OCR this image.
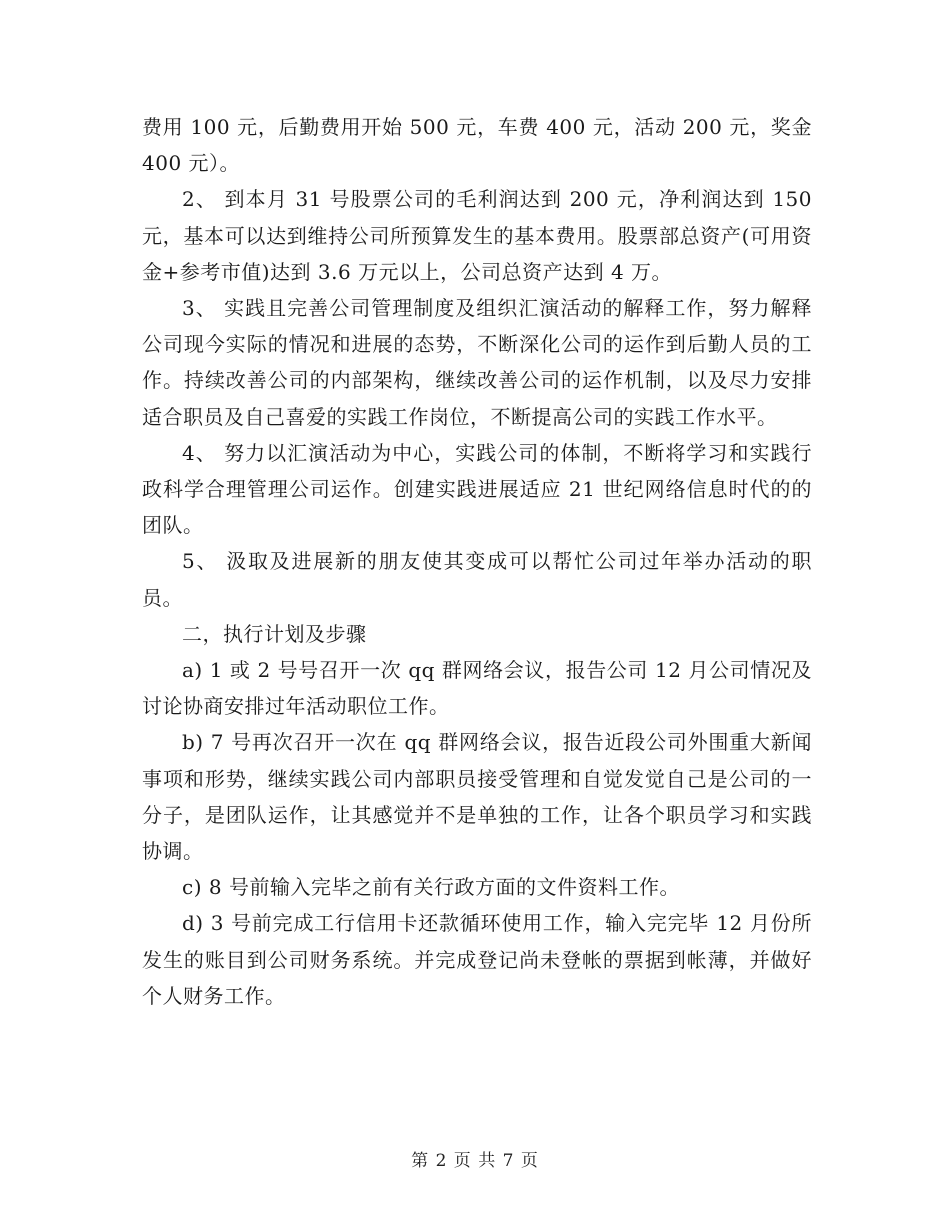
费用 100 元，后勤费用开始 500 元，车费 400 元，活动 200 元，奖金 400 元）。

2、 到本月 31 号股票公司的毛利润达到 200 元，净利润达到 150 元，基本可以达到维持公司所预算发生的基本费用。股票部总资产(可用资金+参考市值)达到 3.6 万元以上，公司总资产达到 4 万。

3、 实践且完善公司管理制度及组织汇演活动的解释工作，努力解释公司现今实际的情况和进展的态势，不断深化公司的运作到后勤人员的工作。持续改善公司的内部架构，继续改善公司的运作机制，以及尽力安排适合职员及自己喜爱的实践工作岗位，不断提高公司的实践工作水平。

4、 努力以汇演活动为中心，实践公司的体制，不断将学习和实践行政科学合理管理公司运作。创建实践进展适应 21 世纪网络信息时代的的团队。

5、 汲取及进展新的朋友使其变成可以帮忙公司过年举办活动的职员。

二，执行计划及步骤

a) 1 或 2 号号召开一次 qq 群网络会议，报告公司 12 月公司情况及讨论协商安排过年活动职位工作。

b) 7 号再次召开一次在 qq 群网络会议，报告近段公司外围重大新闻事项和形势，继续实践公司内部职员接受管理和自觉发觉自己是公司的一分子，是团队运作，让其感觉并不是单独的工作，让各个职员学习和实践协调。

c) 8 号前输入完毕之前有关行政方面的文件资料工作。

d) 3 号前完成工行信用卡还款循环使用工作，输入完完毕 12 月份所发生的账目到公司财务系统。并完成登记尚未登帐的票据到帐薄，并做好个人财务工作。

第 2 页 共 7 页
